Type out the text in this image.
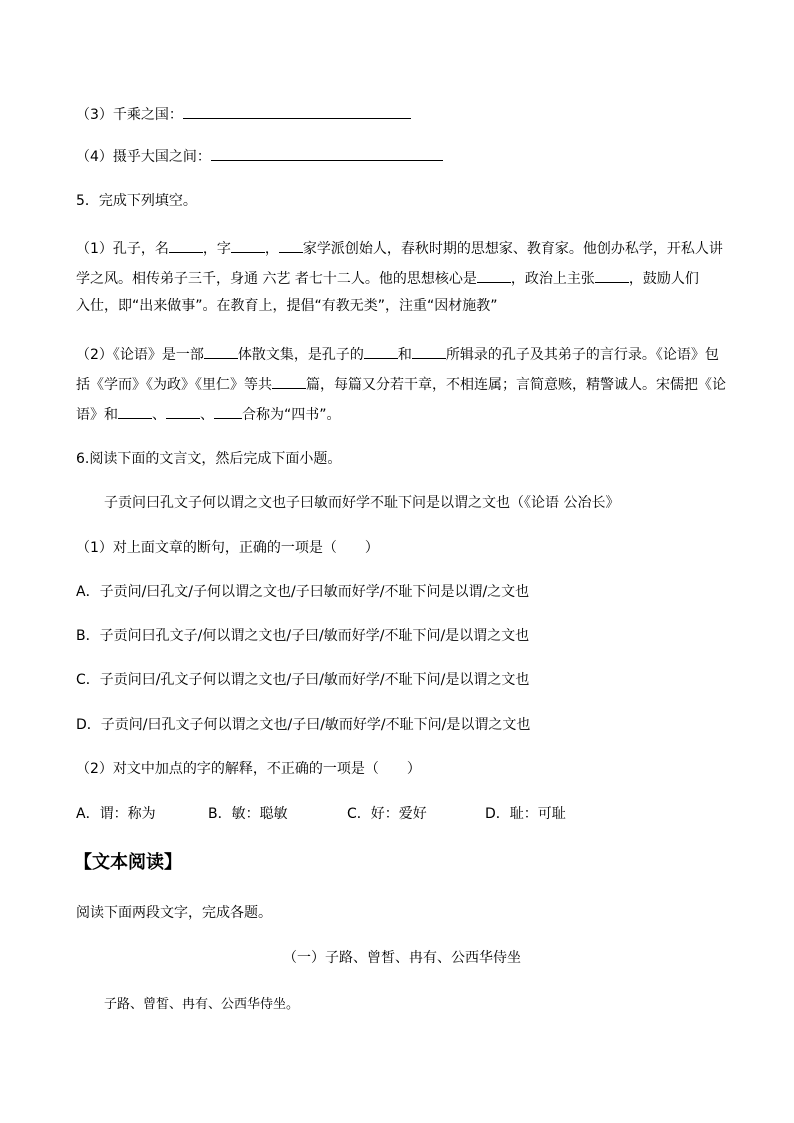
（3）千乘之国：
（4）摄乎大国之间：
5．完成下列填空。
（1）孔子，名 ，字 ， 家学派创始人，春秋时期的思想家、教育家。他创办私学，开私人讲
学之风。相传弟子三千，身通 六艺 者七十二人。他的思想核心是 ，政治上主张 ，鼓励人们
入仕，即“出来做事”。在教育上，提倡“有教无类”，注重“因材施教”
（2）《论语》是一部 体散文集，是孔子的 和 所辑录的孔子及其弟子的言行录。《论语》包
括《学而》《为政》《里仁》等共 篇，每篇又分若干章，不相连属；言简意赅，精警诚人。宋儒把《论
语》和 、 、 合称为“四书”。
6.阅读下面的文言文，然后完成下面小题。
子贡问曰孔文子何以谓之文也子曰敏而好学不耻下问是以谓之文也（《论语 公冶长》
（1）对上面文章的断句，正确的一项是（　　）
A．子贡问/曰孔文/子何以谓之文也/子曰敏而好学/不耻下问是以谓/之文也
B．子贡问曰孔文子/何以谓之文也/子曰/敏而好学/不耻下问/是以谓之文也
C．子贡问曰/孔文子何以谓之文也/子曰/敏而好学/不耻下问/是以谓之文也
D．子贡问/曰孔文子何以谓之文也/子曰/敏而好学/不耻下问/是以谓之文也
（2）对文中加点的字的解释，不正确的一项是（　　）
A．谓：称为	B．敏：聪敏	C．好：爱好	D．耻：可耻
【文本阅读】
阅读下面两段文字，完成各题。
（一）子路、曾皙、冉有、公西华侍坐
子路、曾皙、冉有、公西华侍坐。
